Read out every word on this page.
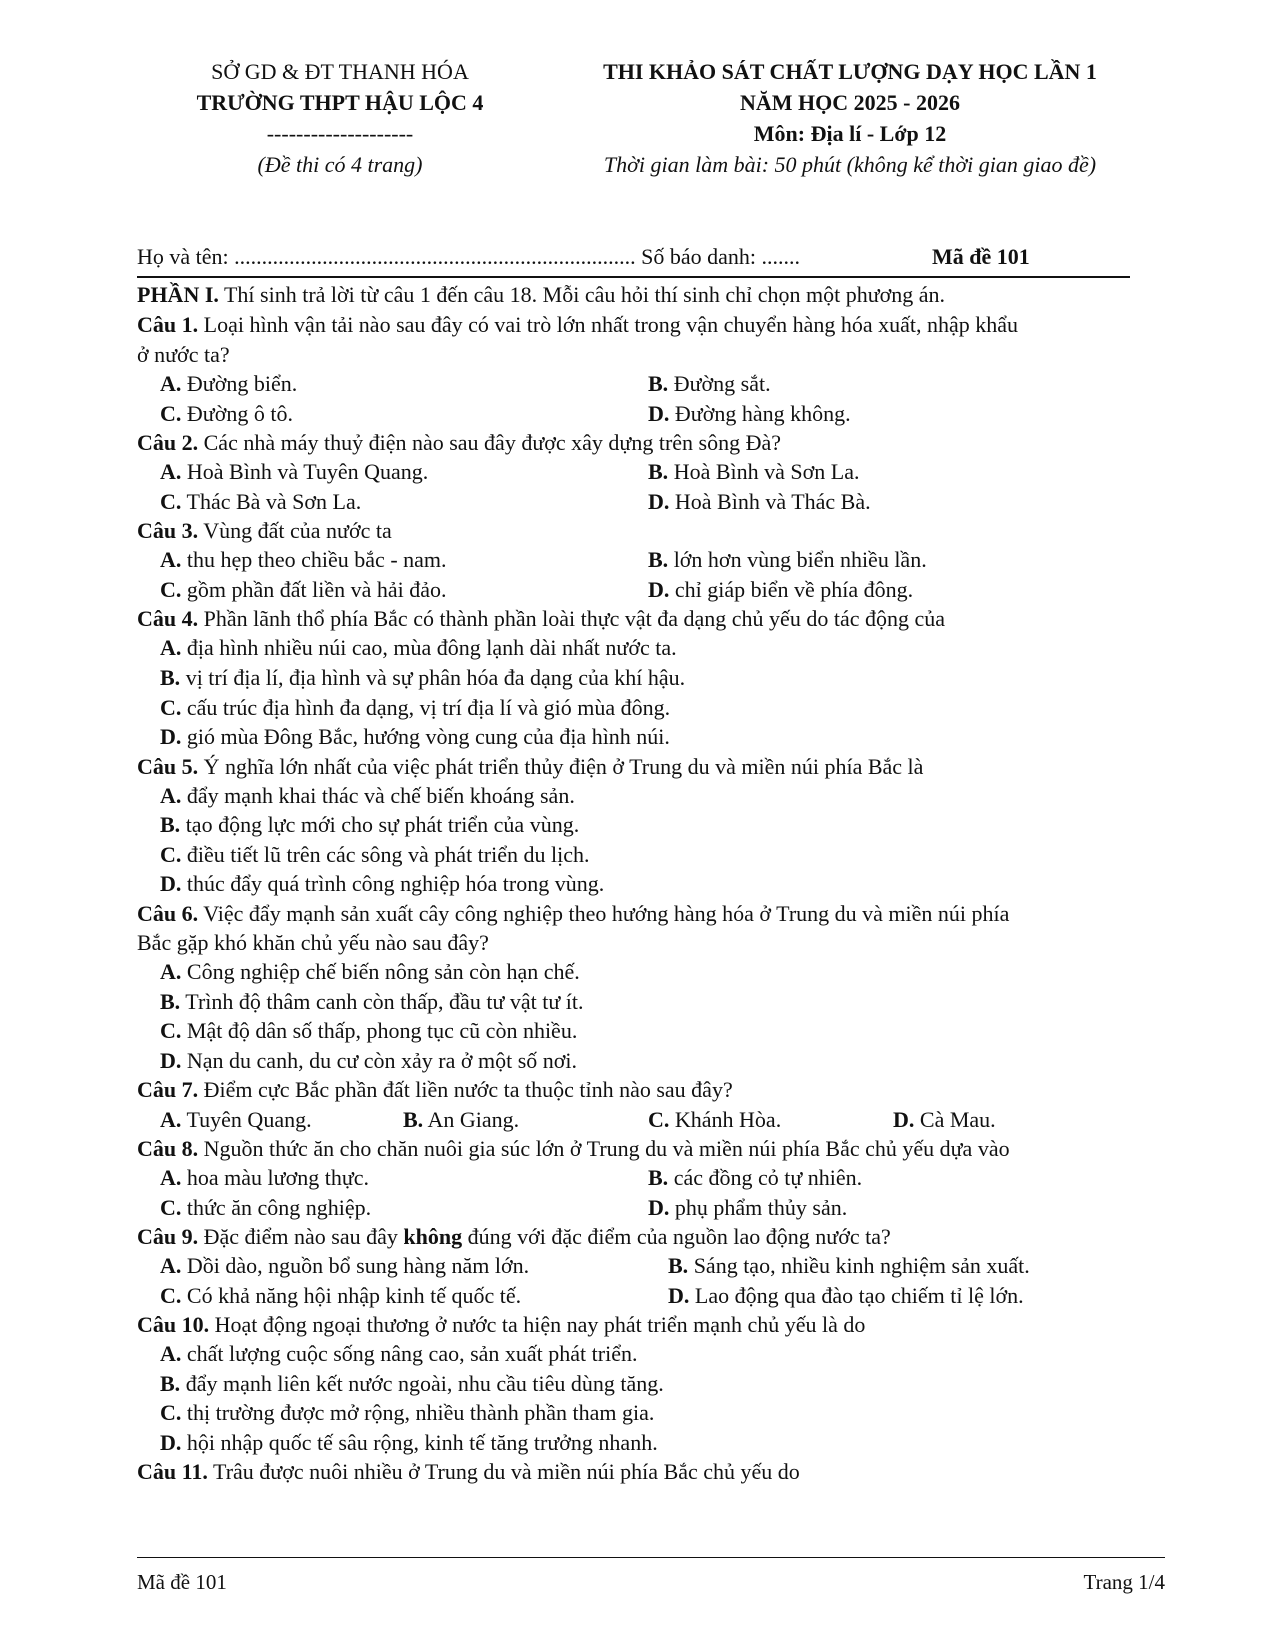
SỞ GD & ĐT THANH HÓA
TRƯỜNG THPT HẬU LỘC 4
--------------------
(Đề thi có 4 trang)
THI KHẢO SÁT CHẤT LƯỢNG DẠY HỌC LẦN 1
NĂM HỌC 2025 - 2026
Môn: Địa lí - Lớp 12
Thời gian làm bài: 50 phút (không kể thời gian giao đề)
Họ và tên: ......................................................................... Số báo danh: .......	Mã đề 101
PHẦN I. Thí sinh trả lời từ câu 1 đến câu 18. Mỗi câu hỏi thí sinh chỉ chọn một phương án.
Câu 1. Loại hình vận tải nào sau đây có vai trò lớn nhất trong vận chuyển hàng hóa xuất, nhập khẩu
ở nước ta?
A. Đường biển.	B. Đường sắt.
C. Đường ô tô.	D. Đường hàng không.
Câu 2. Các nhà máy thuỷ điện nào sau đây được xây dựng trên sông Đà?
A. Hoà Bình và Tuyên Quang.	B. Hoà Bình và Sơn La.
C. Thác Bà và Sơn La.	D. Hoà Bình và Thác Bà.
Câu 3. Vùng đất của nước ta
A. thu hẹp theo chiều bắc - nam.	B. lớn hơn vùng biển nhiều lần.
C. gồm phần đất liền và hải đảo.	D. chỉ giáp biển về phía đông.
Câu 4. Phần lãnh thổ phía Bắc có thành phần loài thực vật đa dạng chủ yếu do tác động của
A. địa hình nhiều núi cao, mùa đông lạnh dài nhất nước ta.
B. vị trí địa lí, địa hình và sự phân hóa đa dạng của khí hậu.
C. cấu trúc địa hình đa dạng, vị trí địa lí và gió mùa đông.
D. gió mùa Đông Bắc, hướng vòng cung của địa hình núi.
Câu 5. Ý nghĩa lớn nhất của việc phát triển thủy điện ở Trung du và miền núi phía Bắc là
A. đẩy mạnh khai thác và chế biến khoáng sản.
B. tạo động lực mới cho sự phát triển của vùng.
C. điều tiết lũ trên các sông và phát triển du lịch.
D. thúc đẩy quá trình công nghiệp hóa trong vùng.
Câu 6. Việc đẩy mạnh sản xuất cây công nghiệp theo hướng hàng hóa ở Trung du và miền núi phía
Bắc gặp khó khăn chủ yếu nào sau đây?
A. Công nghiệp chế biến nông sản còn hạn chế.
B. Trình độ thâm canh còn thấp, đầu tư vật tư ít.
C. Mật độ dân số thấp, phong tục cũ còn nhiều.
D. Nạn du canh, du cư còn xảy ra ở một số nơi.
Câu 7. Điểm cực Bắc phần đất liền nước ta thuộc tỉnh nào sau đây?
A. Tuyên Quang.	B. An Giang.	C. Khánh Hòa.	D. Cà Mau.
Câu 8. Nguồn thức ăn cho chăn nuôi gia súc lớn ở Trung du và miền núi phía Bắc chủ yếu dựa vào
A. hoa màu lương thực.	B. các đồng cỏ tự nhiên.
C. thức ăn công nghiệp.	D. phụ phẩm thủy sản.
Câu 9. Đặc điểm nào sau đây không đúng với đặc điểm của nguồn lao động nước ta?
A. Dồi dào, nguồn bổ sung hàng năm lớn.	B. Sáng tạo, nhiều kinh nghiệm sản xuất.
C. Có khả năng hội nhập kinh tế quốc tế.	D. Lao động qua đào tạo chiếm tỉ lệ lớn.
Câu 10. Hoạt động ngoại thương ở nước ta hiện nay phát triển mạnh chủ yếu là do
A. chất lượng cuộc sống nâng cao, sản xuất phát triển.
B. đẩy mạnh liên kết nước ngoài, nhu cầu tiêu dùng tăng.
C. thị trường được mở rộng, nhiều thành phần tham gia.
D. hội nhập quốc tế sâu rộng, kinh tế tăng trưởng nhanh.
Câu 11. Trâu được nuôi nhiều ở Trung du và miền núi phía Bắc chủ yếu do
Mã đề 101	Trang 1/4
